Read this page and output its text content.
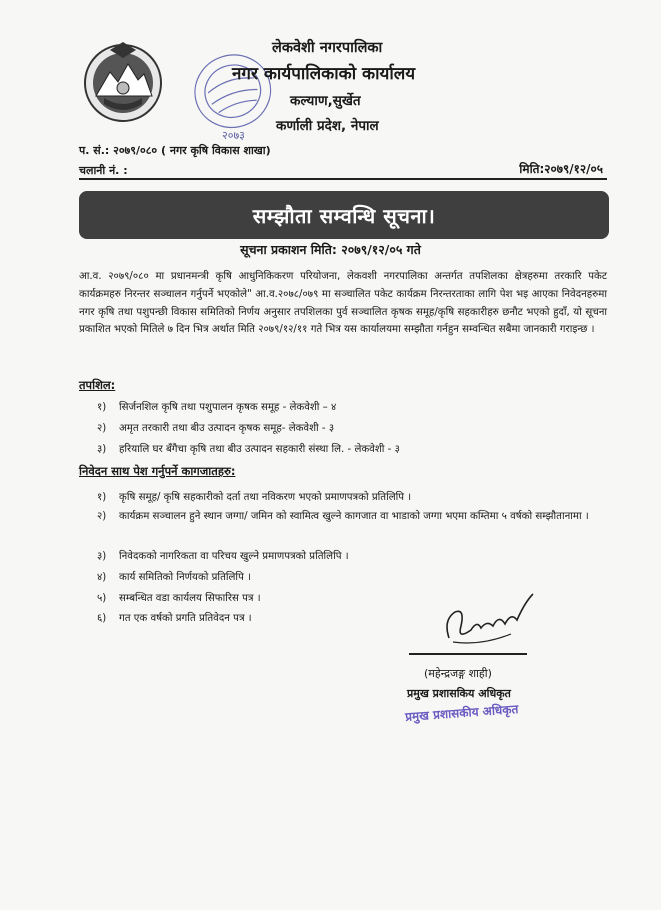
२०७३
लेकवेशी नगरपालिका
नगर कार्यपालिकाको कार्यालय
कल्याण,सुर्खेत
कर्णाली प्रदेश, नेपाल
प. सं.: २०७९/०८० ( नगर कृषि विकास शाखा)
चलानी नं. :	मिति:२०७९/१२/०५
सम्झौता सम्वन्धि सूचना।
सूचना प्रकाशन मिति: २०७९/१२/०५ गते
आ.व. २०७९/०८० मा प्रधानमन्त्री कृषि आधुनिकिकरण परियोजना, लेकवशी नगरपालिका अन्तर्गत तपशिलका क्षेत्रहरुमा तरकारि पकेट कार्यक्रमहरु निरन्तर सञ्चालन गर्नुपर्ने भएकोले" आ.व.२०७८/०७९ मा सञ्चालित पकेट कार्यक्रम निरन्तरताका लागि पेश भइ आएका निवेदनहरुमा नगर कृषि तथा पशुपन्छी विकास समितिको निर्णय अनुसार तपशिलका पुर्व सञ्चालित कृषक समूह/कृषि सहकारीहरु छनौट भएको हुदाँ, यो सूचना प्रकाशित भएको मितिले ७ दिन भित्र अर्थात मिति २०७९/१२/११ गते भित्र यस कार्यालयमा सम्झौता गर्नहुन सम्वन्धित सबैमा जानकारी गराइन्छ ।
तपशिल:
१) सिर्जनशिल कृषि तथा पशुपालन कृषक समूह - लेकवेशी – ४
२) अमृत तरकारी तथा बीउ उत्पादन कृषक समूह- लेकवेशी - ३
३) हरियालि घर बँगैचा कृषि तथा बीउ उत्पादन सहकारी संस्था लि. - लेकवेशी - ३
निवेदन साथ पेश गर्नुपर्ने कागजातहरु:
१) कृषि समूह/ कृषि सहकारीको दर्ता तथा नविकरण भएको प्रमाणपत्रको प्रतिलिपि ।
२) कार्यक्रम सञ्चालन हुने स्थान जग्गा/ जमिन को स्वामित्व खुल्ने कागजात वा भाडाको जग्गा भएमा कम्तिमा ५ वर्षको सम्झौतानामा ।
३) निवेदकको नागरिकता वा परिचय खुल्ने प्रमाणपत्रको प्रतिलिपि ।
४) कार्य समितिको निर्णयको प्रतिलिपि ।
५) सम्बन्धित वडा कार्यलय सिफारिस पत्र ।
६) गत एक वर्षको प्रगति प्रतिवेदन पत्र ।
(महेन्द्रजङ्ग शाही)
प्रमुख प्रशासकिय अधिकृत
प्रमुख प्रशासकीय अधिकृत
